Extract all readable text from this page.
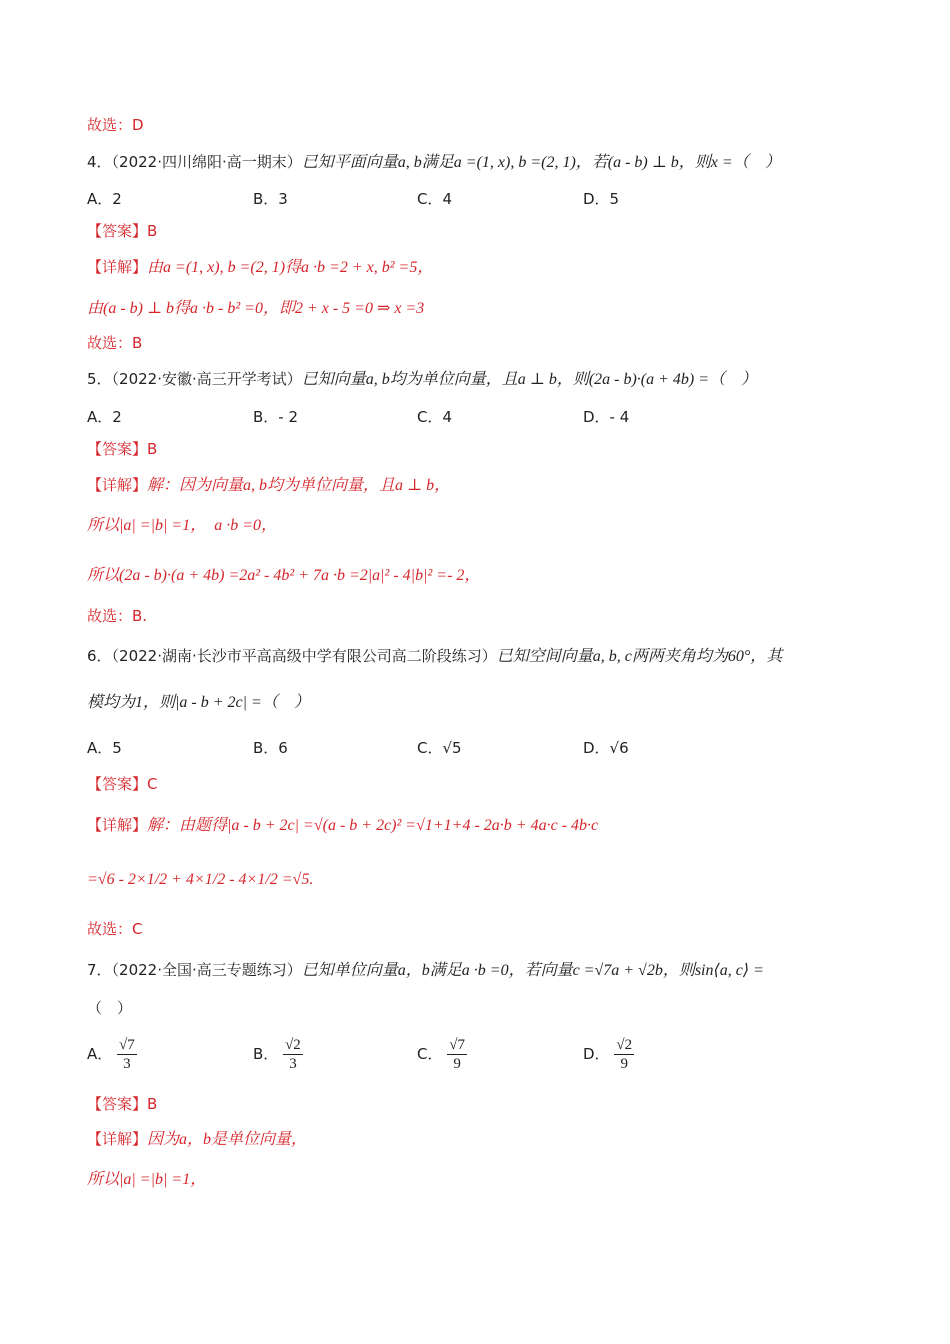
故选：D
4．（2022·四川绵阳·高一期末）已知平面向量a, b满足a =(1, x), b =(2, 1)，若(a - b) ⊥ b，则x =（　）
A．2	B．3	C．4	D．5
【答案】B
【详解】由a =(1, x), b =(2, 1)得a ·b =2 + x, b² =5，
由(a - b) ⊥ b得a ·b - b² =0，即2 + x - 5 =0 ⇒ x =3
故选：B
5．（2022·安徽·高三开学考试）已知向量a, b均为单位向量，且a ⊥ b，则(2a - b)·(a + 4b) =（　）
A．2	B．- 2	C．4	D．- 4
【答案】B
【详解】解：因为向量a, b均为单位向量，且a ⊥ b，
所以|a| =|b| =1，　a ·b =0，
所以(2a - b)·(a + 4b) =2a² - 4b² + 7a ·b =2|a|² - 4|b|² =- 2，
故选：B.
6．（2022·湖南·长沙市平高高级中学有限公司高二阶段练习）已知空间向量a, b, c两两夹角均为60°，其
模均为1，则|a - b + 2c| =（　）
A．5	B．6	C．√5	D．√6
【答案】C
【详解】解：由题得|a - b + 2c| =√(a - b + 2c)² =√1+1+4 - 2a·b + 4a·c - 4b·c
=√6 - 2×1/2 + 4×1/2 - 4×1/2 =√5.
故选：C
7．（2022·全国·高三专题练习）已知单位向量a，b满足a ·b =0，若向量c =√7a + √2b，则sin⟨a, c⟩ =
（　）
A． $\frac{√7}{3}$	B． $\frac{√2}{3}$	C． $\frac{√7}{9}$	D． $\frac{√2}{9}$
【答案】B
【详解】因为a，b是单位向量，
所以|a| =|b| =1，
